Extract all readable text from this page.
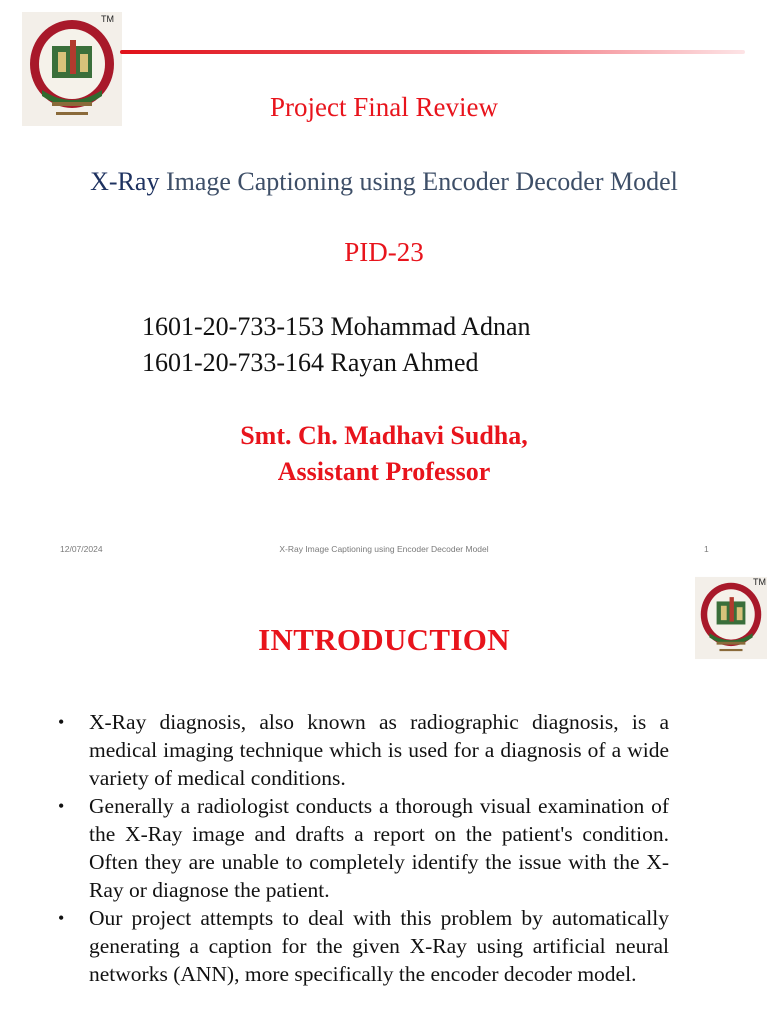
TM
Project Final Review
X-Ray Image Captioning using Encoder Decoder Model
PID-23
1601-20-733-153 Mohammad Adnan
1601-20-733-164 Rayan Ahmed
Smt. Ch. Madhavi Sudha,
Assistant Professor
12/07/2024	X-Ray Image Captioning using Encoder Decoder Model	1
TM
INTRODUCTION
• X-Ray diagnosis, also known as radiographic diagnosis, is a medical imaging technique which is used for a diagnosis of a wide variety of medical conditions.
• Generally a radiologist conducts a thorough visual examination of the X-Ray image and drafts a report on the patient's condition. Often they are unable to completely identify the issue with the X-Ray or diagnose the patient.
• Our project attempts to deal with this problem by automatically generating a caption for the given X-Ray using artificial neural networks (ANN), more specifically the encoder decoder model.
